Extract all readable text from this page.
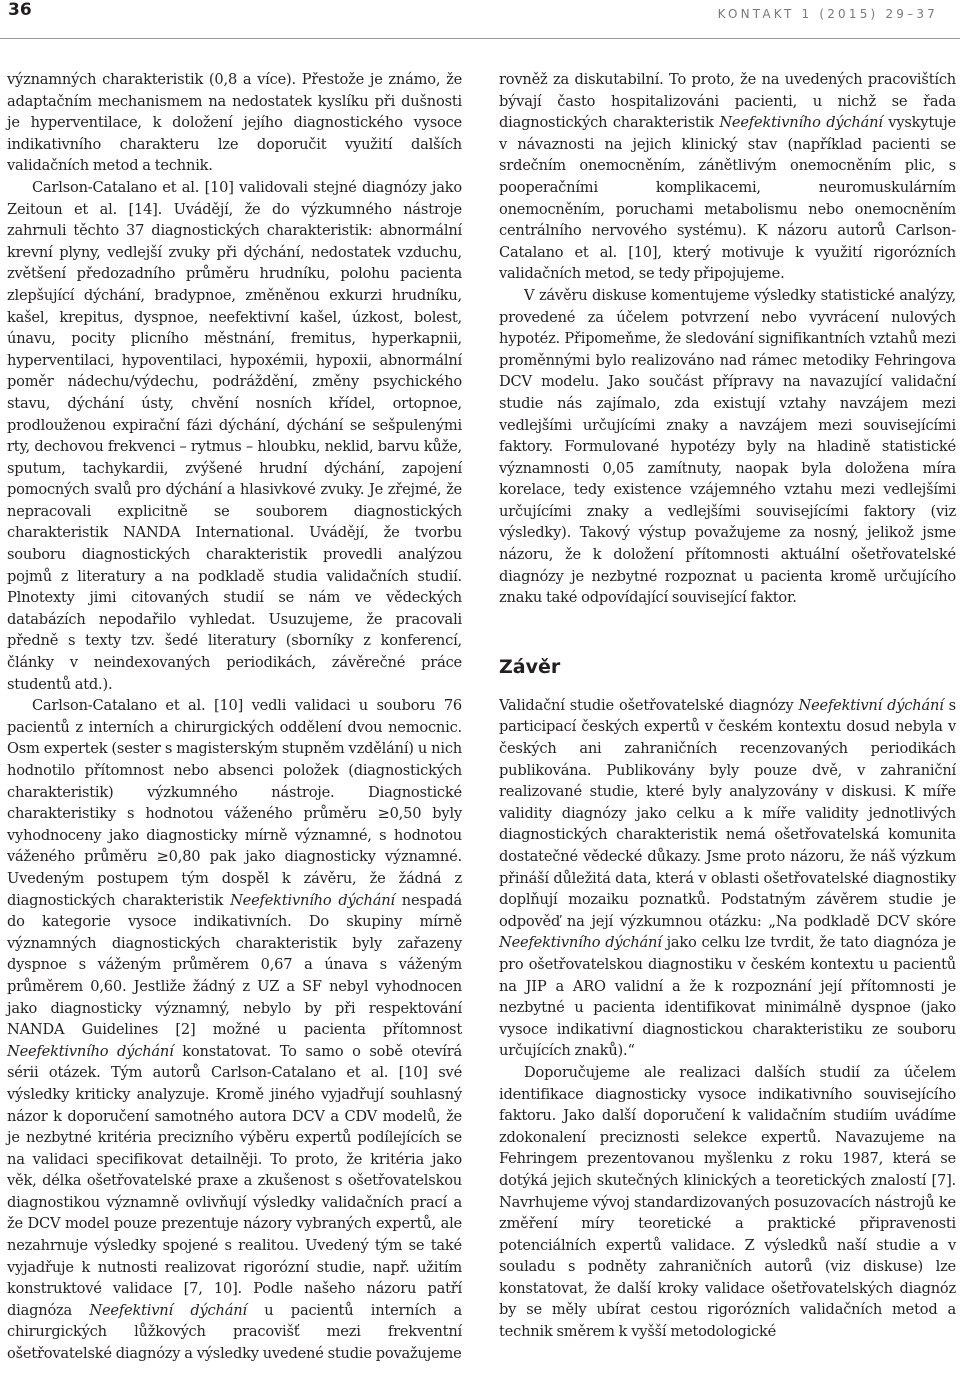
36	KONTAKT 1 (2015) 29–37

významných charakteristik (0,8 a více). Přestože je známo, že adaptačním mechanismem na nedostatek kyslíku při dušnosti je hyperventilace, k doložení jejího diagnostického vysoce indikativního charakteru lze doporučit využití dalších validačních metod a technik.

Carlson-Catalano et al. [10] validovali stejné diagnózy jako Zeitoun et al. [14]. Uvádějí, že do výzkumného nástroje zahrnuli těchto 37 diagnostických charakteristik: abnormální krevní plyny, vedlejší zvuky při dýchání, nedostatek vzduchu, zvětšení předozadního průměru hrudníku, polohu pacienta zlepšující dýchání, bradypnoe, změněnou exkurzi hrudníku, kašel, krepitus, dyspnoe, neefektivní kašel, úzkost, bolest, únavu, pocity plicního městnání, fremitus, hyperkapnii, hyperventilaci, hypoventilaci, hypoxémii, hypoxii, abnormální poměr nádechu/výdechu, podráždění, změny psychického stavu, dýchání ústy, chvění nosních křídel, ortopnoe, prodlouženou expirační fázi dýchání, dýchání se sešpulenými rty, dechovou frekvenci – rytmus – hloubku, neklid, barvu kůže, sputum, tachykardii, zvýšené hrudní dýchání, zapojení pomocných svalů pro dýchání a hlasivkové zvuky. Je zřejmé, že nepracovali explicitně se souborem diagnostických charakteristik NANDA International. Uvádějí, že tvorbu souboru diagnostických charakteristik provedli analýzou pojmů z literatury a na podkladě studia validačních studií. Plnotexty jimi citovaných studií se nám ve vědeckých databázích nepodařilo vyhledat. Usuzujeme, že pracovali předně s texty tzv. šedé literatury (sborníky z konferencí, články v neindexovaných periodikách, závěrečné práce studentů atd.).

Carlson-Catalano et al. [10] vedli validaci u souboru 76 pacientů z interních a chirurgických oddělení dvou nemocnic. Osm expertek (sester s magisterským stupněm vzdělání) u nich hodnotilo přítomnost nebo absenci položek (diagnostických charakteristik) výzkumného nástroje. Diagnostické charakteristiky s hodnotou váženého průměru ≥0,50 byly vyhodnoceny jako diagnosticky mírně významné, s hodnotou váženého průměru ≥0,80 pak jako diagnosticky významné. Uvedeným postupem tým dospěl k závěru, že žádná z diagnostických charakteristik Neefektivního dýchání nespadá do kategorie vysoce indikativních. Do skupiny mírně významných diagnostických charakteristik byly zařazeny dyspnoe s váženým průměrem 0,67 a únava s váženým průměrem 0,60. Jestliže žádný z UZ a SF nebyl vyhodnocen jako diagnosticky významný, nebylo by při respektování NANDA Guidelines [2] možné u pacienta přítomnost Neefektivního dýchání konstatovat. To samo o sobě otevírá sérii otázek. Tým autorů Carlson-Catalano et al. [10] své výsledky kriticky analyzuje. Kromě jiného vyjadřují souhlasný názor k doporučení samotného autora DCV a CDV modelů, že je nezbytné kritéria precizního výběru expertů podílejících se na validaci specifikovat detailněji. To proto, že kritéria jako věk, délka ošetřovatelské praxe a zkušenost s ošetřovatelskou diagnostikou významně ovlivňují výsledky validačních prací a že DCV model pouze prezentuje názory vybraných expertů, ale nezahrnuje výsledky spojené s realitou. Uvedený tým se také vyjadřuje k nutnosti realizovat rigorózní studie, např. užitím konstruktové validace [7, 10]. Podle našeho názoru patří diagnóza Neefektivní dýchání u pacientů interních a chirurgických lůžkových pracovišť mezi frekventní ošetřovatelské diagnózy a výsledky uvedené studie považujeme

rovněž za diskutabilní. To proto, že na uvedených pracovištích bývají často hospitalizováni pacienti, u nichž se řada diagnostických charakteristik Neefektivního dýchání vyskytuje v návaznosti na jejich klinický stav (například pacienti se srdečním onemocněním, zánětlivým onemocněním plic, s pooperačními komplikacemi, neuromuskulárním onemocněním, poruchami metabolismu nebo onemocněním centrálního nervového systému). K názoru autorů Carlson-Catalano et al. [10], který motivuje k využití rigorózních validačních metod, se tedy připojujeme.

V závěru diskuse komentujeme výsledky statistické analýzy, provedené za účelem potvrzení nebo vyvrácení nulových hypotéz. Připomeňme, že sledování signifikantních vztahů mezi proměnnými bylo realizováno nad rámec metodiky Fehringova DCV modelu. Jako součást přípravy na navazující validační studie nás zajímalo, zda existují vztahy navzájem mezi vedlejšími určujícími znaky a navzájem mezi souvisejícími faktory. Formulované hypotézy byly na hladině statistické významnosti 0,05 zamítnuty, naopak byla doložena míra korelace, tedy existence vzájemného vztahu mezi vedlejšími určujícími znaky a vedlejšími souvisejícími faktory (viz výsledky). Takový výstup považujeme za nosný, jelikož jsme názoru, že k doložení přítomnosti aktuální ošetřovatelské diagnózy je nezbytné rozpoznat u pacienta kromě určujícího znaku také odpovídající související faktor.

Závěr

Validační studie ošetřovatelské diagnózy Neefektivní dýchání s participací českých expertů v českém kontextu dosud nebyla v českých ani zahraničních recenzovaných periodikách publikována. Publikovány byly pouze dvě, v zahraniční realizované studie, které byly analyzovány v diskusi. K míře validity diagnózy jako celku a k míře validity jednotlivých diagnostických charakteristik nemá ošetřovatelská komunita dostatečné vědecké důkazy. Jsme proto názoru, že náš výzkum přináší důležitá data, která v oblasti ošetřovatelské diagnostiky doplňují mozaiku poznatků. Podstatným závěrem studie je odpověď na její výzkumnou otázku: „Na podkladě DCV skóre Neefektivního dýchání jako celku lze tvrdit, že tato diagnóza je pro ošetřovatelskou diagnostiku v českém kontextu u pacientů na JIP a ARO validní a že k rozpoznání její přítomnosti je nezbytné u pacienta identifikovat minimálně dyspnoe (jako vysoce indikativní diagnostickou charakteristiku ze souboru určujících znaků).“

Doporučujeme ale realizaci dalších studií za účelem identifikace diagnosticky vysoce indikativního souvisejícího faktoru. Jako další doporučení k validačním studiím uvádíme zdokonalení preciznosti selekce expertů. Navazujeme na Fehringem prezentovanou myšlenku z roku 1987, která se dotýká jejich skutečných klinických a teoretických znalostí [7]. Navrhujeme vývoj standardizovaných posuzovacích nástrojů ke změření míry teoretické a praktické připravenosti potenciálních expertů validace. Z výsledků naší studie a v souladu s podněty zahraničních autorů (viz diskuse) lze konstatovat, že další kroky validace ošetřovatelských diagnóz by se měly ubírat cestou rigorózních validačních metod a technik směrem k vyšší metodologické
